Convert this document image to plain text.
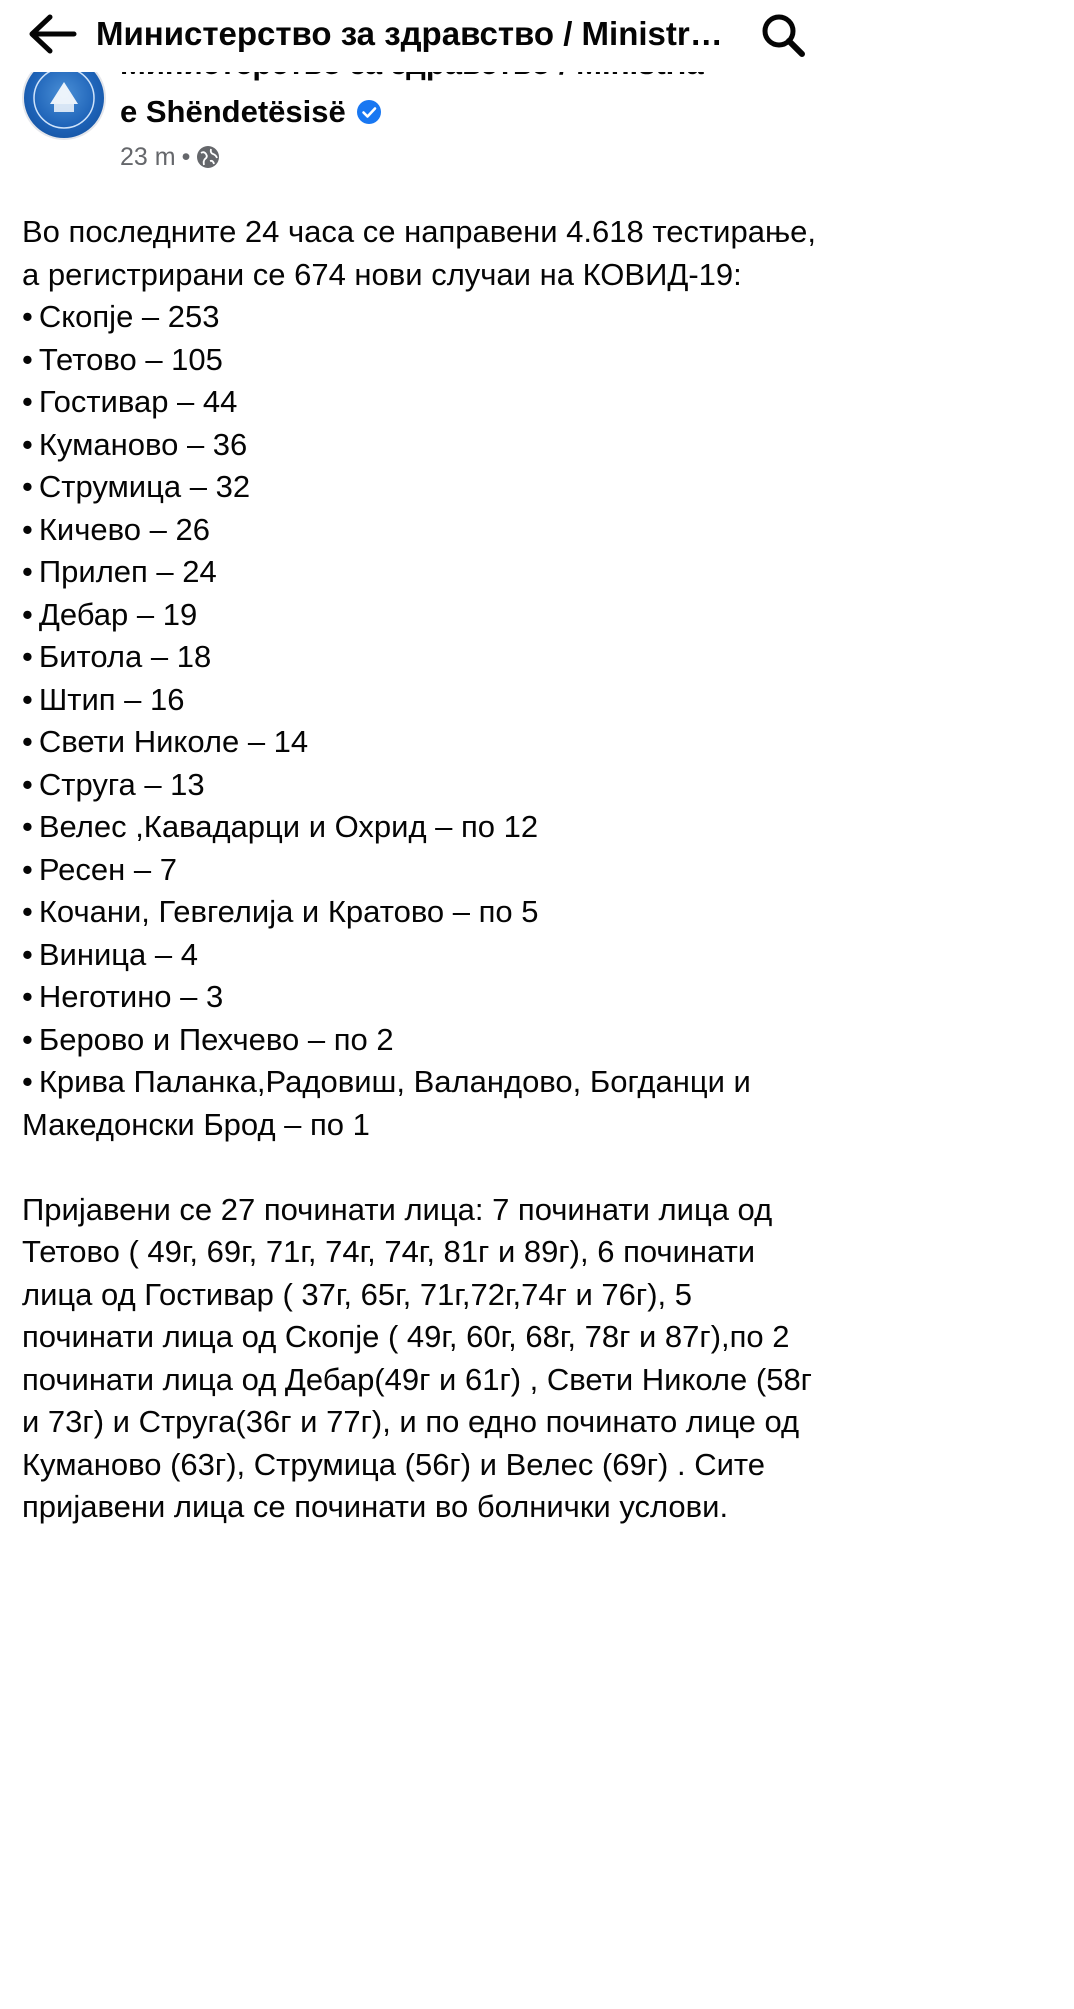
Министерство за здравство / Ministr…
e Shëndetësisë
23 m •

Во последните 24 часа се направени 4.618 тестирање, а регистрирани се 674 нови случаи на КОВИД-19:

• Скопје – 253
• Тетово – 105
• Гостивар – 44
• Куманово – 36
• Струмица – 32
• Кичево – 26
• Прилеп – 24
• Дебар – 19
• Битола – 18
• Штип – 16
• Свети Николе – 14
• Струга – 13
• Велес ,Кавадарци и Охрид – по 12
• Ресен – 7
• Кочани, Гевгелија и Кратово – по 5
• Виница – 4
• Неготино – 3
• Берово и Пехчево – по 2
• Крива Паланка,Радовиш, Валандово, Богданци и Македонски Брод – по 1

Пријавени се 27 починати лица: 7 починати лица од Тетово ( 49г, 69г, 71г, 74г, 74г, 81г и 89г), 6 починати лица од Гостивар ( 37г, 65г, 71г,72г,74г и 76г), 5 починати лица од Скопје ( 49г, 60г, 68г, 78г и 87г),по 2 починати лица од Дебар(49г и 61г) , Свети Николе (58г и 73г) и Струга(36г и 77г), и по едно починато лице од Куманово (63г), Струмица (56г) и Велес (69г) . Сите пријавени лица се починати во болнички услови.
